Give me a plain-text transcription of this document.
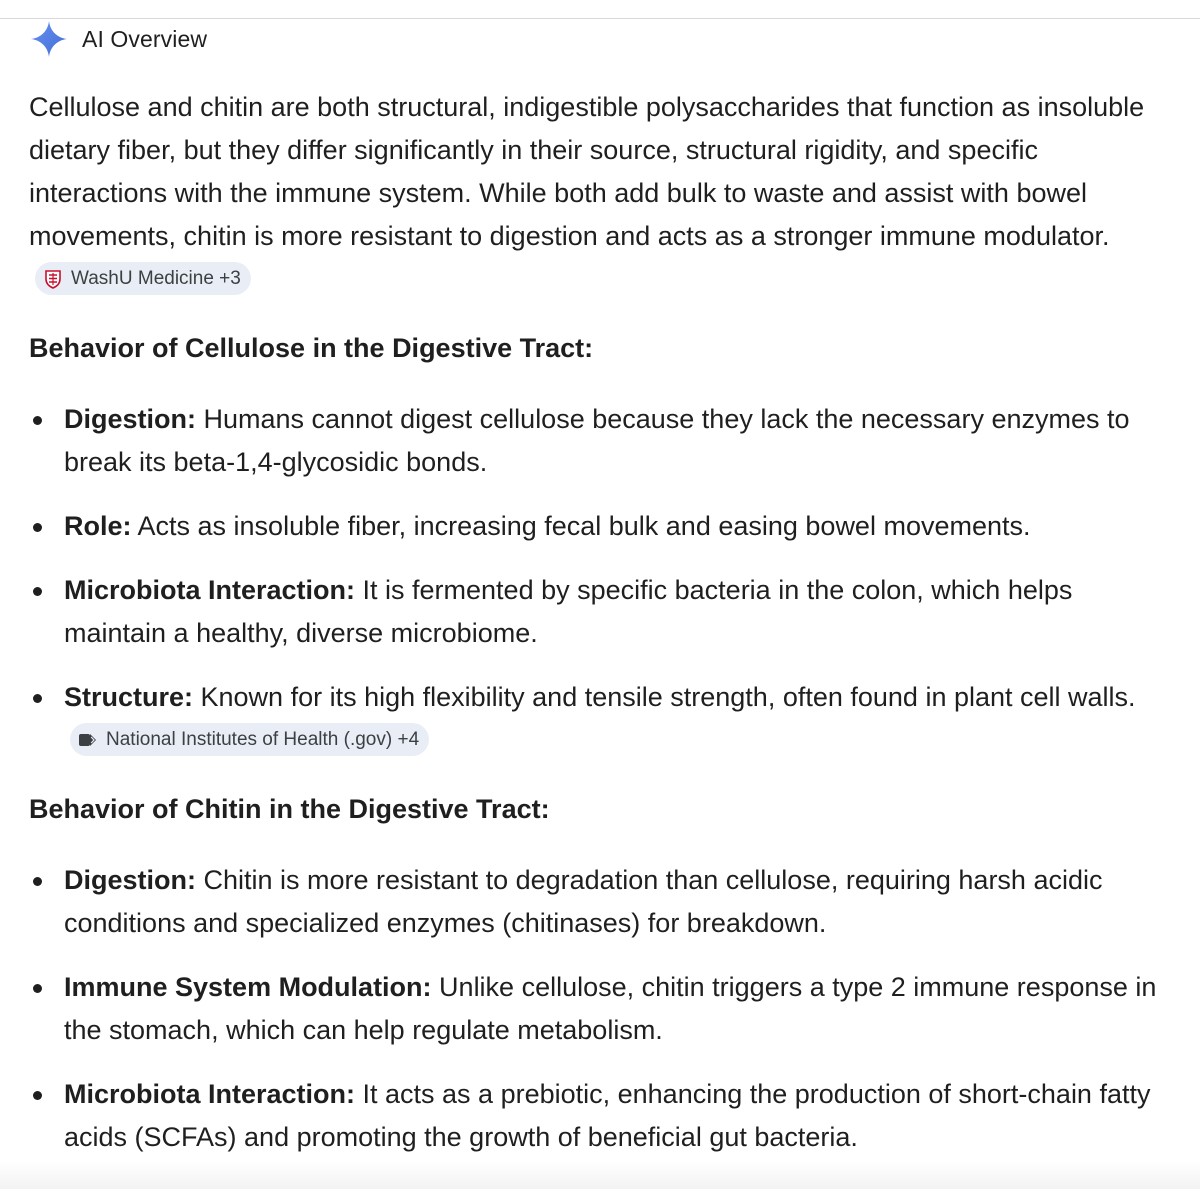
AI Overview

Cellulose and chitin are both structural, indigestible polysaccharides that function as insoluble dietary fiber, but they differ significantly in their source, structural rigidity, and specific interactions with the immune system. While both add bulk to waste and assist with bowel movements, chitin is more resistant to digestion and acts as a stronger immune modulator.
WashU Medicine +3

Behavior of Cellulose in the Digestive Tract:
Digestion: Humans cannot digest cellulose because they lack the necessary enzymes to break its beta-1,4-glycosidic bonds.
Role: Acts as insoluble fiber, increasing fecal bulk and easing bowel movements.
Microbiota Interaction: It is fermented by specific bacteria in the colon, which helps maintain a healthy, diverse microbiome.
Structure: Known for its high flexibility and tensile strength, often found in plant cell walls.
National Institutes of Health (.gov) +4
Behavior of Chitin in the Digestive Tract:
Digestion: Chitin is more resistant to degradation than cellulose, requiring harsh acidic conditions and specialized enzymes (chitinases) for breakdown.
Immune System Modulation: Unlike cellulose, chitin triggers a type 2 immune response in the stomach, which can help regulate metabolism.
Microbiota Interaction: It acts as a prebiotic, enhancing the production of short-chain fatty acids (SCFAs) and promoting the growth of beneficial gut bacteria.
